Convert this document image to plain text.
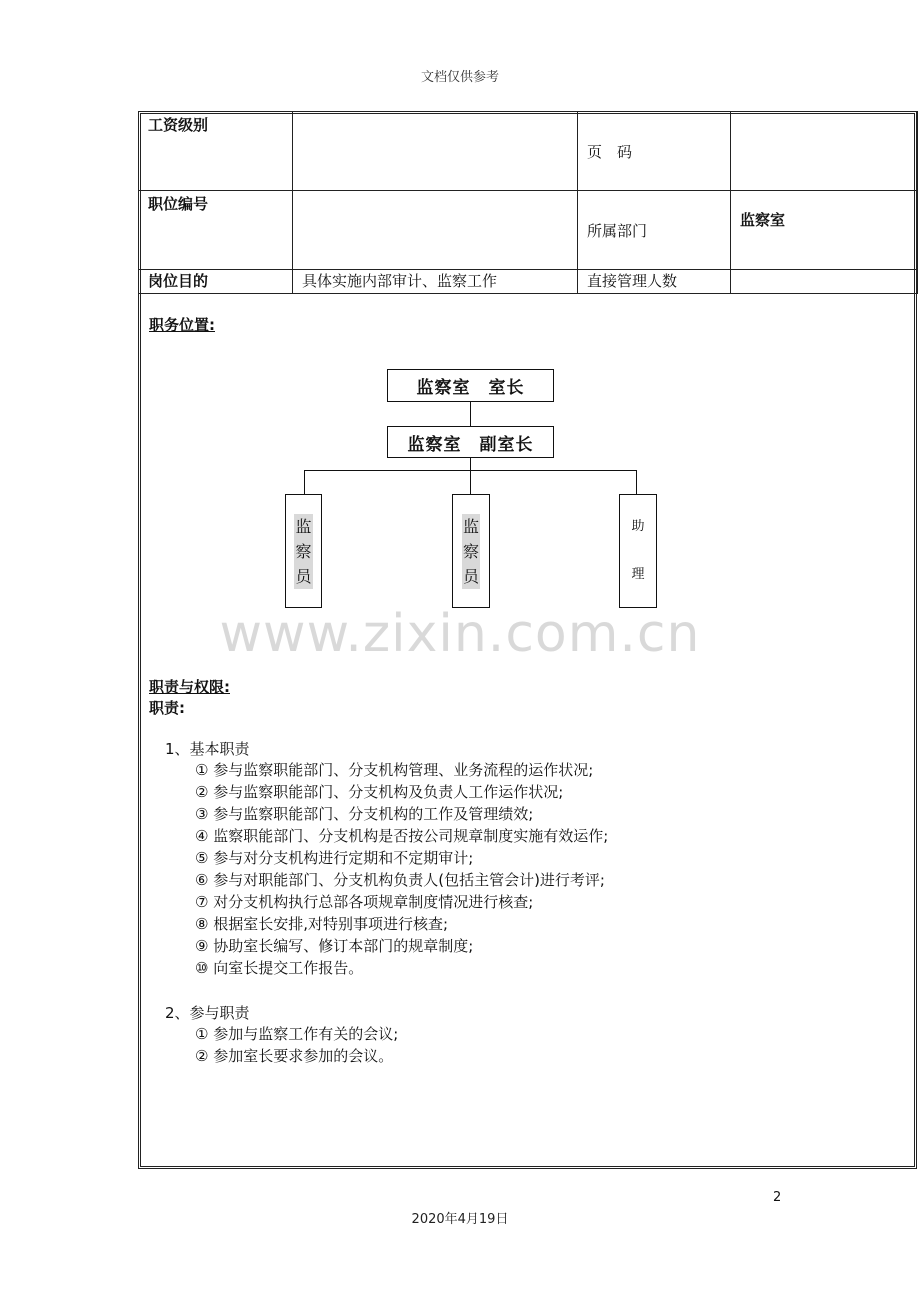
文档仅供参考
工资级别		页　码	
职位编号		所属部门	监察室
岗位目的	具体实施内部审计、监察工作	直接管理人数	
职务位置:
监察室　室长
监察室　副室长
监
察
员
监
察
员
助
理
www.zixin.com.cn
职责与权限:
职责:
1、基本职责
① 参与监察职能部门、分支机构管理、业务流程的运作状况;
② 参与监察职能部门、分支机构及负责人工作运作状况;
③ 参与监察职能部门、分支机构的工作及管理绩效;
④ 监察职能部门、分支机构是否按公司规章制度实施有效运作;
⑤ 参与对分支机构进行定期和不定期审计;
⑥ 参与对职能部门、分支机构负责人(包括主管会计)进行考评;
⑦ 对分支机构执行总部各项规章制度情况进行核查;
⑧ 根据室长安排,对特别事项进行核查;
⑨ 协助室长编写、修订本部门的规章制度;
⑩ 向室长提交工作报告。
2、参与职责
① 参加与监察工作有关的会议;
② 参加室长要求参加的会议。
2
2020年4月19日
